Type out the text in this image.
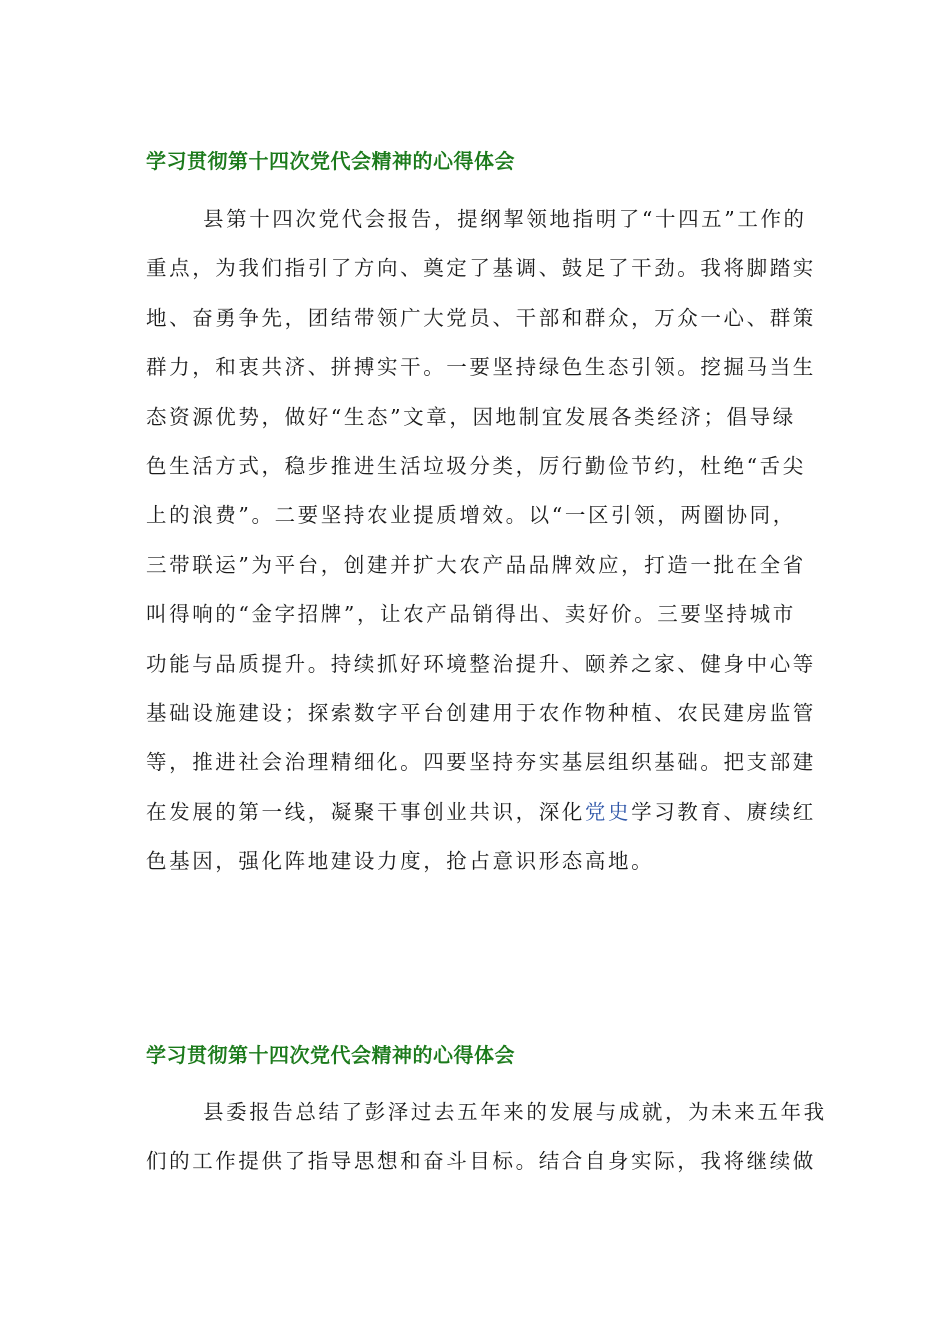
学习贯彻第十四次党代会精神的心得体会
县第十四次党代会报告，提纲挈领地指明了“十四五”工作的
重点，为我们指引了方向、奠定了基调、鼓足了干劲。我将脚踏实
地、奋勇争先，团结带领广大党员、干部和群众，万众一心、群策
群力，和衷共济、拼搏实干。一要坚持绿色生态引领。挖掘马当生
态资源优势，做好“生态”文章，因地制宜发展各类经济；倡导绿
色生活方式，稳步推进生活垃圾分类，厉行勤俭节约，杜绝“舌尖
上的浪费”。二要坚持农业提质增效。以“一区引领，两圈协同，
三带联运”为平台，创建并扩大农产品品牌效应，打造一批在全省
叫得响的“金字招牌”，让农产品销得出、卖好价。三要坚持城市
功能与品质提升。持续抓好环境整治提升、颐养之家、健身中心等
基础设施建设；探索数字平台创建用于农作物种植、农民建房监管
等，推进社会治理精细化。四要坚持夯实基层组织基础。把支部建
在发展的第一线，凝聚干事创业共识，深化党史学习教育、赓续红
色基因，强化阵地建设力度，抢占意识形态高地。
学习贯彻第十四次党代会精神的心得体会
县委报告总结了彭泽过去五年来的发展与成就，为未来五年我
们的工作提供了指导思想和奋斗目标。结合自身实际，我将继续做
